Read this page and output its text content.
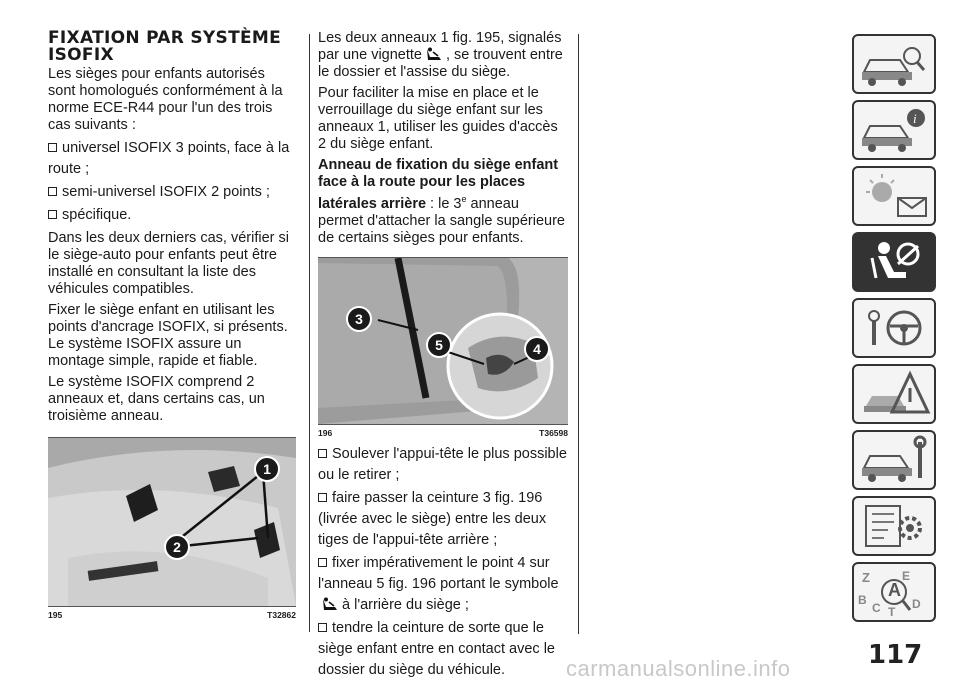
FIXATION PAR SYSTÈME
ISOFIX

Les sièges pour enfants autorisés sont homologués conformément à la norme ECE-R44 pour l'un des trois cas suivants :

universel ISOFIX 3 points, face à la route ;
semi-universel ISOFIX 2 points ;
spécifique.

Dans les deux derniers cas, vérifier si le siège-auto pour enfants peut être installé en consultant la liste des véhicules compatibles.

Fixer le siège enfant en utilisant les points d'ancrage ISOFIX, si présents. Le système ISOFIX assure un montage simple, rapide et fiable.

Le système ISOFIX comprend 2 anneaux et, dans certains cas, un troisième anneau.

1
2
195	T32862

Les deux anneaux 1 fig. 195, signalés par une vignette , se trouvent entre le dossier et l'assise du siège.

Pour faciliter la mise en place et le verrouillage du siège enfant sur les anneaux 1, utiliser les guides d'accès 2 du siège enfant.

Anneau de fixation du siège enfant face à la route pour les places latérales arrière : le 3e anneau permet d'attacher la sangle supérieure de certains sièges pour enfants.

3
5	4
196	T36598
Soulever l'appui-tête le plus possible ou le retirer ;
faire passer la ceinture 3 fig. 196 (livrée avec le siège) entre les deux tiges de l'appui-tête arrière ;
fixer impérativement le point 4 sur l'anneau 5 fig. 196 portant le symbole
à l'arrière du siège ;
tendre la ceinture de sorte que le siège enfant entre en contact avec le dossier du siège du véhicule.
i
Z	E
A
B
C T
D
117
carmanualsonline.info
